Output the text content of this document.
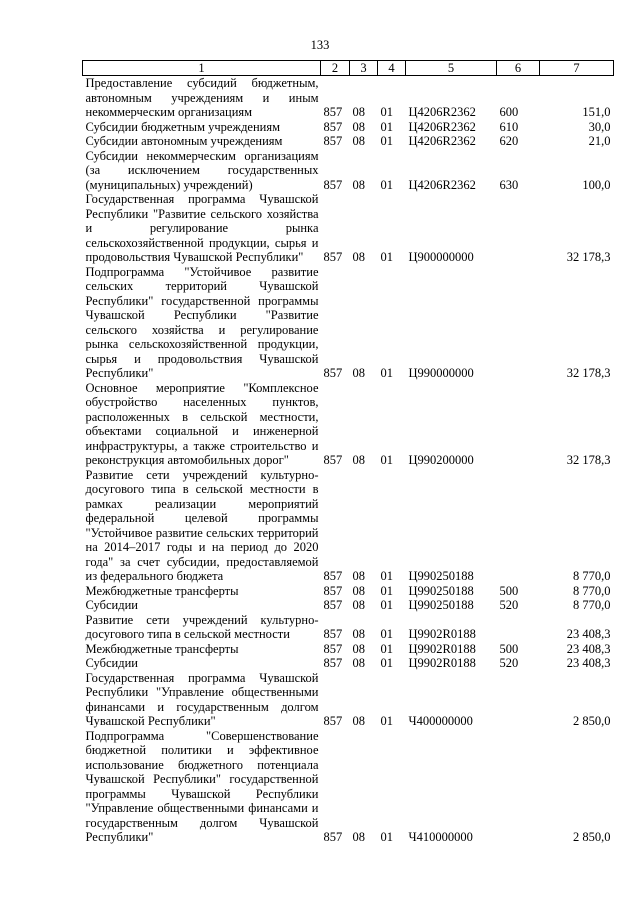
133
1	2	3	4	5	6	7
Предоставление субсидий бюджетным, автономным учреждениям и иным некоммерческим организациям	857	08	01	Ц4206R2362	600	151,0
Субсидии бюджетным учреждениям	857	08	01	Ц4206R2362	610	30,0
Субсидии автономным учреждениям	857	08	01	Ц4206R2362	620	21,0
Субсидии некоммерческим организациям (за исключением государственных (муниципальных) учреждений)	857	08	01	Ц4206R2362	630	100,0
Государственная программа Чувашской Республики "Развитие сельского хозяйства и регулирование рынка сельскохозяйственной продукции, сырья и продовольствия Чувашской Республики"	857	08	01	Ц900000000		32 178,3
Подпрограмма "Устойчивое развитие сельских территорий Чувашской Республики" государственной программы Чувашской Республики "Развитие сельского хозяйства и регулирование рынка сельскохозяйственной продукции, сырья и продовольствия Чувашской Республики"	857	08	01	Ц990000000		32 178,3
Основное мероприятие "Комплексное обустройство населенных пунктов, расположенных в сельской местности, объектами социальной и инженерной инфраструктуры, а также строительство и реконструкция автомобильных дорог"	857	08	01	Ц990200000		32 178,3
Развитие сети учреждений культурно-досугового типа в сельской местности в рамках реализации мероприятий федеральной целевой программы "Устойчивое развитие сельских территорий на 2014–2017 годы и на период до 2020 года" за счет субсидии, предоставляемой из федерального бюджета	857	08	01	Ц990250188		8 770,0
Межбюджетные трансферты	857	08	01	Ц990250188	500	8 770,0
Субсидии	857	08	01	Ц990250188	520	8 770,0
Развитие сети учреждений культурно-досугового типа в сельской местности	857	08	01	Ц9902R0188		23 408,3
Межбюджетные трансферты	857	08	01	Ц9902R0188	500	23 408,3
Субсидии	857	08	01	Ц9902R0188	520	23 408,3
Государственная программа Чувашской Республики "Управление общественными финансами и государственным долгом Чувашской Республики"	857	08	01	Ч400000000		2 850,0
Подпрограмма "Совершенствование бюджетной политики и эффективное использование бюджетного потенциала Чувашской Республики" государственной программы Чувашской Республики "Управление общественными финансами и государственным долгом Чувашской Республики"	857	08	01	Ч410000000		2 850,0
